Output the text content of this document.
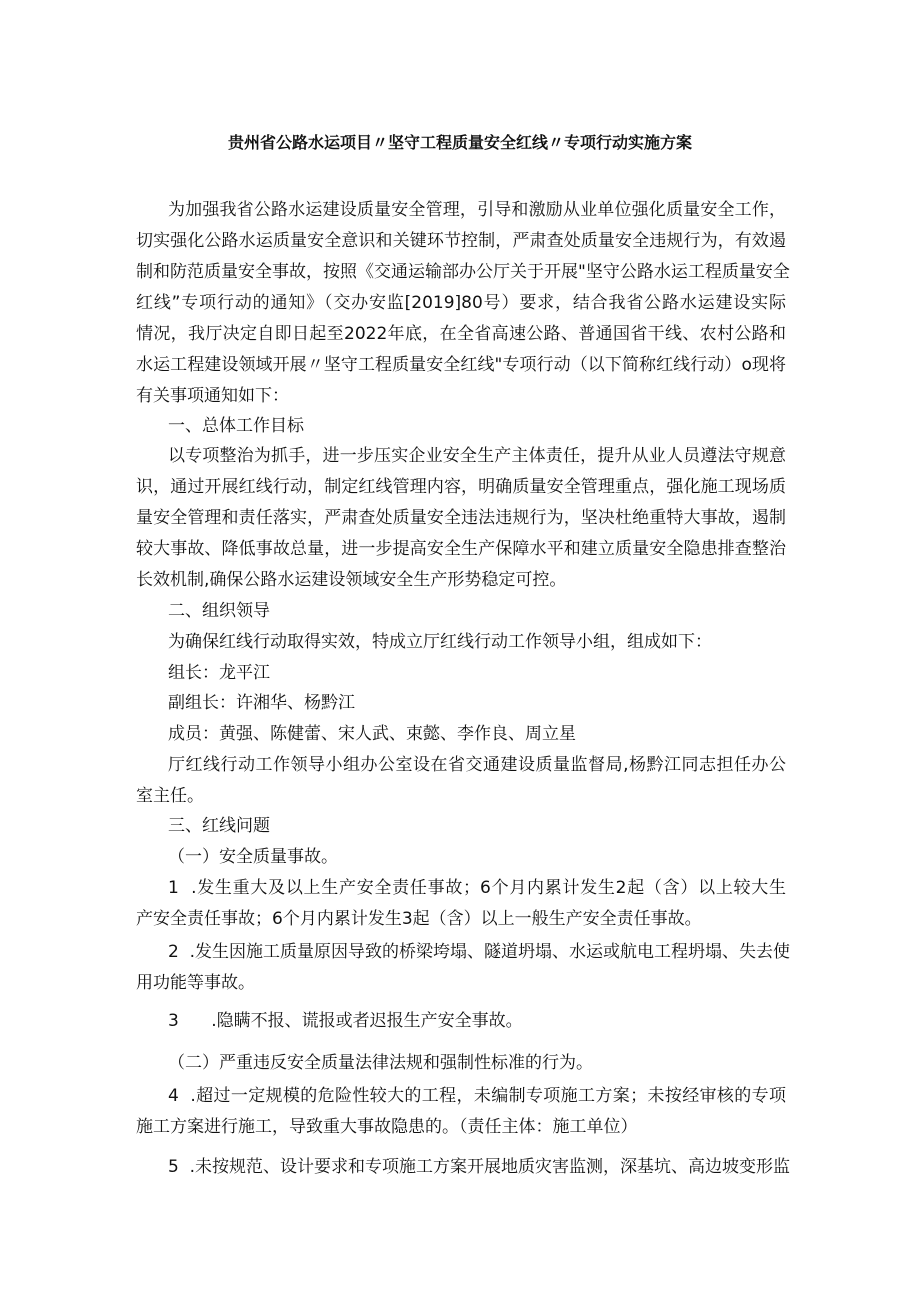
贵州省公路水运项目〃坚守工程质量安全红线〃专项行动实施方案
为加强我省公路水运建设质量安全管理，引导和激励从业单位强化质量安全工作，
切实强化公路水运质量安全意识和关键环节控制，严肃查处质量安全违规行为，有效遏
制和防范质量安全事故，按照《交通运输部办公厅关于开展"坚守公路水运工程质量安全
红线”专项行动的通知》（交办安监[2019]80号）要求，结合我省公路水运建设实际
情况，我厅决定自即日起至2022年底，在全省高速公路、普通国省干线、农村公路和
水运工程建设领域开展〃坚守工程质量安全红线"专项行动（以下简称红线行动）o现将
有关事项通知如下：
一、总体工作目标
以专项整治为抓手，进一步压实企业安全生产主体责任，提升从业人员遵法守规意
识，通过开展红线行动，制定红线管理内容，明确质量安全管理重点，强化施工现场质
量安全管理和责任落实，严肃查处质量安全违法违规行为，坚决杜绝重特大事故，遏制
较大事故、降低事故总量，进一步提高安全生产保障水平和建立质量安全隐患排查整治
长效机制,确保公路水运建设领域安全生产形势稳定可控。
二、组织领导
为确保红线行动取得实效，特成立厅红线行动工作领导小组，组成如下：
组长：龙平江
副组长：许湘华、杨黔江
成员：黄强、陈健蕾、宋人武、束懿、李作良、周立星
厅红线行动工作领导小组办公室设在省交通建设质量监督局,杨黔江同志担任办公
室主任。
三、红线问题
（一）安全质量事故。
1  .发生重大及以上生产安全责任事故；6个月内累计发生2起（含）以上较大生
产安全责任事故；6个月内累计发生3起（含）以上一般生产安全责任事故。
2  .发生因施工质量原因导致的桥梁垮塌、隧道坍塌、水运或航电工程坍塌、失去使
用功能等事故。
3      .隐瞒不报、谎报或者迟报生产安全事故。
（二）严重违反安全质量法律法规和强制性标准的行为。
4  .超过一定规模的危险性较大的工程，未编制专项施工方案；未按经审核的专项
施工方案进行施工，导致重大事故隐患的。（责任主体：施工单位）
5  .未按规范、设计要求和专项施工方案开展地质灾害监测，深基坑、高边坡变形监
